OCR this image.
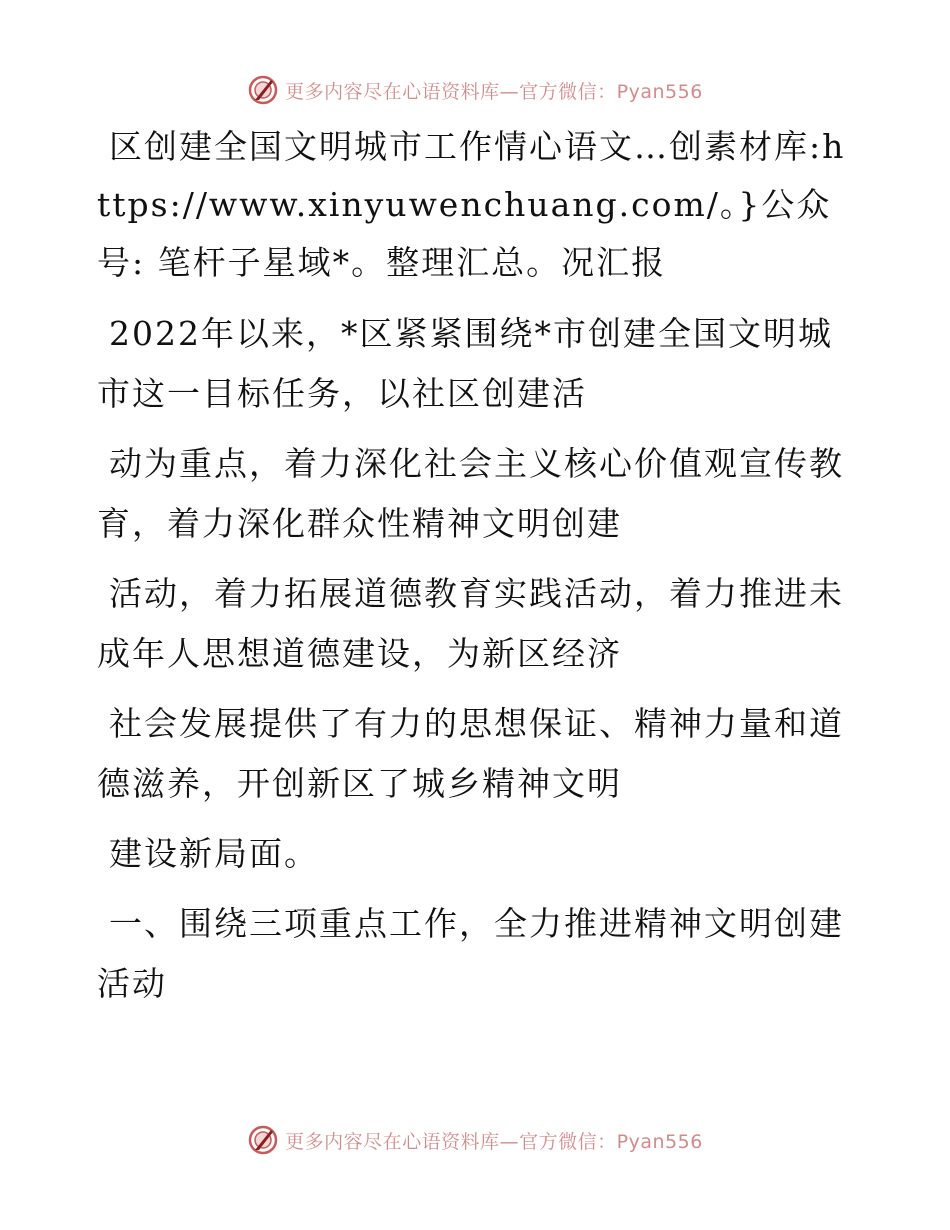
更多内容尽在心语资料库—官方微信：Pyan556

区创建全国文明城市工作情心语文…创素材库:https://www.xinyuwenchuang.com/。}公众号: 笔杆子星域*。整理汇总。况汇报

2022年以来，*区紧紧围绕*市创建全国文明城市这一目标任务，以社区创建活

动为重点，着力深化社会主义核心价值观宣传教育，着力深化群众性精神文明创建

活动，着力拓展道德教育实践活动，着力推进未成年人思想道德建设，为新区经济

社会发展提供了有力的思想保证、精神力量和道德滋养，开创新区了城乡精神文明

建设新局面。

一、围绕三项重点工作，全力推进精神文明创建活动

更多内容尽在心语资料库—官方微信：Pyan556
